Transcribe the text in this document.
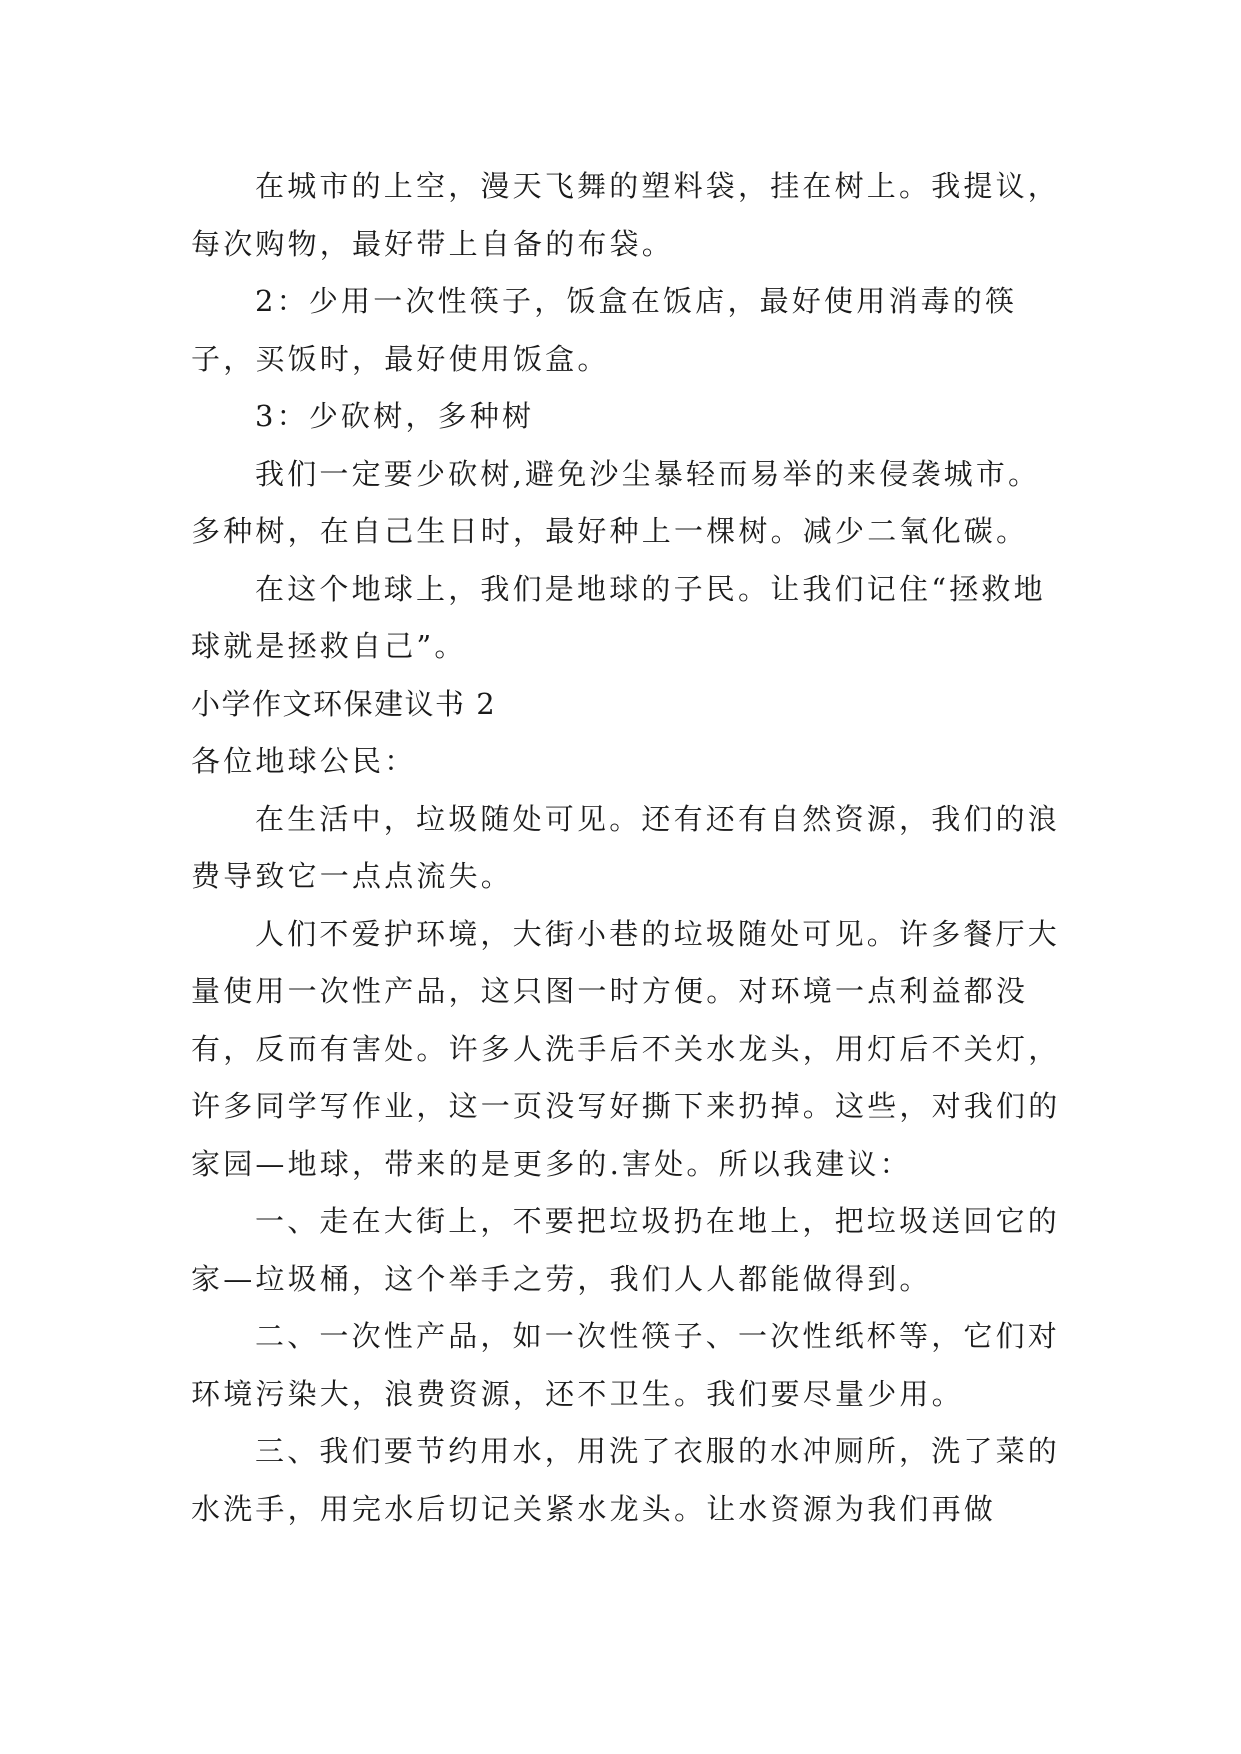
在城市的上空，漫天飞舞的塑料袋，挂在树上。我提议，每次购物，最好带上自备的布袋。

2：少用一次性筷子，饭盒在饭店，最好使用消毒的筷子，买饭时，最好使用饭盒。

3：少砍树，多种树

我们一定要少砍树,避免沙尘暴轻而易举的来侵袭城市。多种树，在自己生日时，最好种上一棵树。减少二氧化碳。

在这个地球上，我们是地球的子民。让我们记住“拯救地球就是拯救自己”。

小学作文环保建议书 2

各位地球公民：

在生活中，垃圾随处可见。还有还有自然资源，我们的浪费导致它一点点流失。

人们不爱护环境，大街小巷的垃圾随处可见。许多餐厅大量使用一次性产品，这只图一时方便。对环境一点利益都没有，反而有害处。许多人洗手后不关水龙头，用灯后不关灯，许多同学写作业，这一页没写好撕下来扔掉。这些，对我们的家园—地球，带来的是更多的.害处。所以我建议：

一、走在大街上，不要把垃圾扔在地上，把垃圾送回它的家—垃圾桶，这个举手之劳，我们人人都能做得到。

二、一次性产品，如一次性筷子、一次性纸杯等，它们对环境污染大，浪费资源，还不卫生。我们要尽量少用。

三、我们要节约用水，用洗了衣服的水冲厕所，洗了菜的水洗手，用完水后切记关紧水龙头。让水资源为我们再做
